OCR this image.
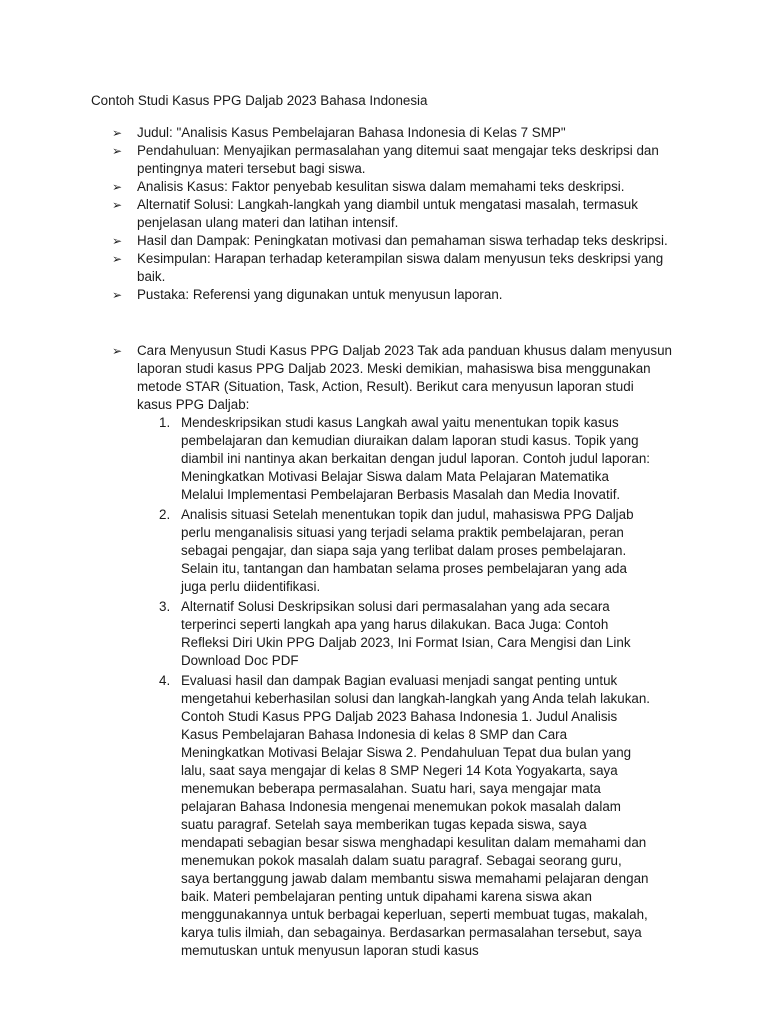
Contoh Studi Kasus PPG Daljab 2023 Bahasa Indonesia
➢ Judul: "Analisis Kasus Pembelajaran Bahasa Indonesia di Kelas 7 SMP"
➢ Pendahuluan: Menyajikan permasalahan yang ditemui saat mengajar teks deskripsi dan pentingnya materi tersebut bagi siswa.
➢ Analisis Kasus: Faktor penyebab kesulitan siswa dalam memahami teks deskripsi.
➢ Alternatif Solusi: Langkah-langkah yang diambil untuk mengatasi masalah, termasuk penjelasan ulang materi dan latihan intensif.
➢ Hasil dan Dampak: Peningkatan motivasi dan pemahaman siswa terhadap teks deskripsi.
➢ Kesimpulan: Harapan terhadap keterampilan siswa dalam menyusun teks deskripsi yang baik.
➢ Pustaka: Referensi yang digunakan untuk menyusun laporan.
➢ Cara Menyusun Studi Kasus PPG Daljab 2023 Tak ada panduan khusus dalam menyusun laporan studi kasus PPG Daljab 2023. Meski demikian, mahasiswa bisa menggunakan metode STAR (Situation, Task, Action, Result). Berikut cara menyusun laporan studi kasus PPG Daljab:
1. Mendeskripsikan studi kasus Langkah awal yaitu menentukan topik kasus pembelajaran dan kemudian diuraikan dalam laporan studi kasus. Topik yang diambil ini nantinya akan berkaitan dengan judul laporan. Contoh judul laporan: Meningkatkan Motivasi Belajar Siswa dalam Mata Pelajaran Matematika Melalui Implementasi Pembelajaran Berbasis Masalah dan Media Inovatif.
2. Analisis situasi Setelah menentukan topik dan judul, mahasiswa PPG Daljab perlu menganalisis situasi yang terjadi selama praktik pembelajaran, peran sebagai pengajar, dan siapa saja yang terlibat dalam proses pembelajaran. Selain itu, tantangan dan hambatan selama proses pembelajaran yang ada juga perlu diidentifikasi.
3. Alternatif Solusi Deskripsikan solusi dari permasalahan yang ada secara terperinci seperti langkah apa yang harus dilakukan. Baca Juga: Contoh Refleksi Diri Ukin PPG Daljab 2023, Ini Format Isian, Cara Mengisi dan Link Download Doc PDF
4. Evaluasi hasil dan dampak Bagian evaluasi menjadi sangat penting untuk mengetahui keberhasilan solusi dan langkah-langkah yang Anda telah lakukan. Contoh Studi Kasus PPG Daljab 2023 Bahasa Indonesia 1. Judul Analisis Kasus Pembelajaran Bahasa Indonesia di kelas 8 SMP dan Cara Meningkatkan Motivasi Belajar Siswa 2. Pendahuluan Tepat dua bulan yang lalu, saat saya mengajar di kelas 8 SMP Negeri 14 Kota Yogyakarta, saya menemukan beberapa permasalahan. Suatu hari, saya mengajar mata pelajaran Bahasa Indonesia mengenai menemukan pokok masalah dalam suatu paragraf. Setelah saya memberikan tugas kepada siswa, saya mendapati sebagian besar siswa menghadapi kesulitan dalam memahami dan menemukan pokok masalah dalam suatu paragraf. Sebagai seorang guru, saya bertanggung jawab dalam membantu siswa memahami pelajaran dengan baik. Materi pembelajaran penting untuk dipahami karena siswa akan menggunakannya untuk berbagai keperluan, seperti membuat tugas, makalah, karya tulis ilmiah, dan sebagainya. Berdasarkan permasalahan tersebut, saya memutuskan untuk menyusun laporan studi kasus
